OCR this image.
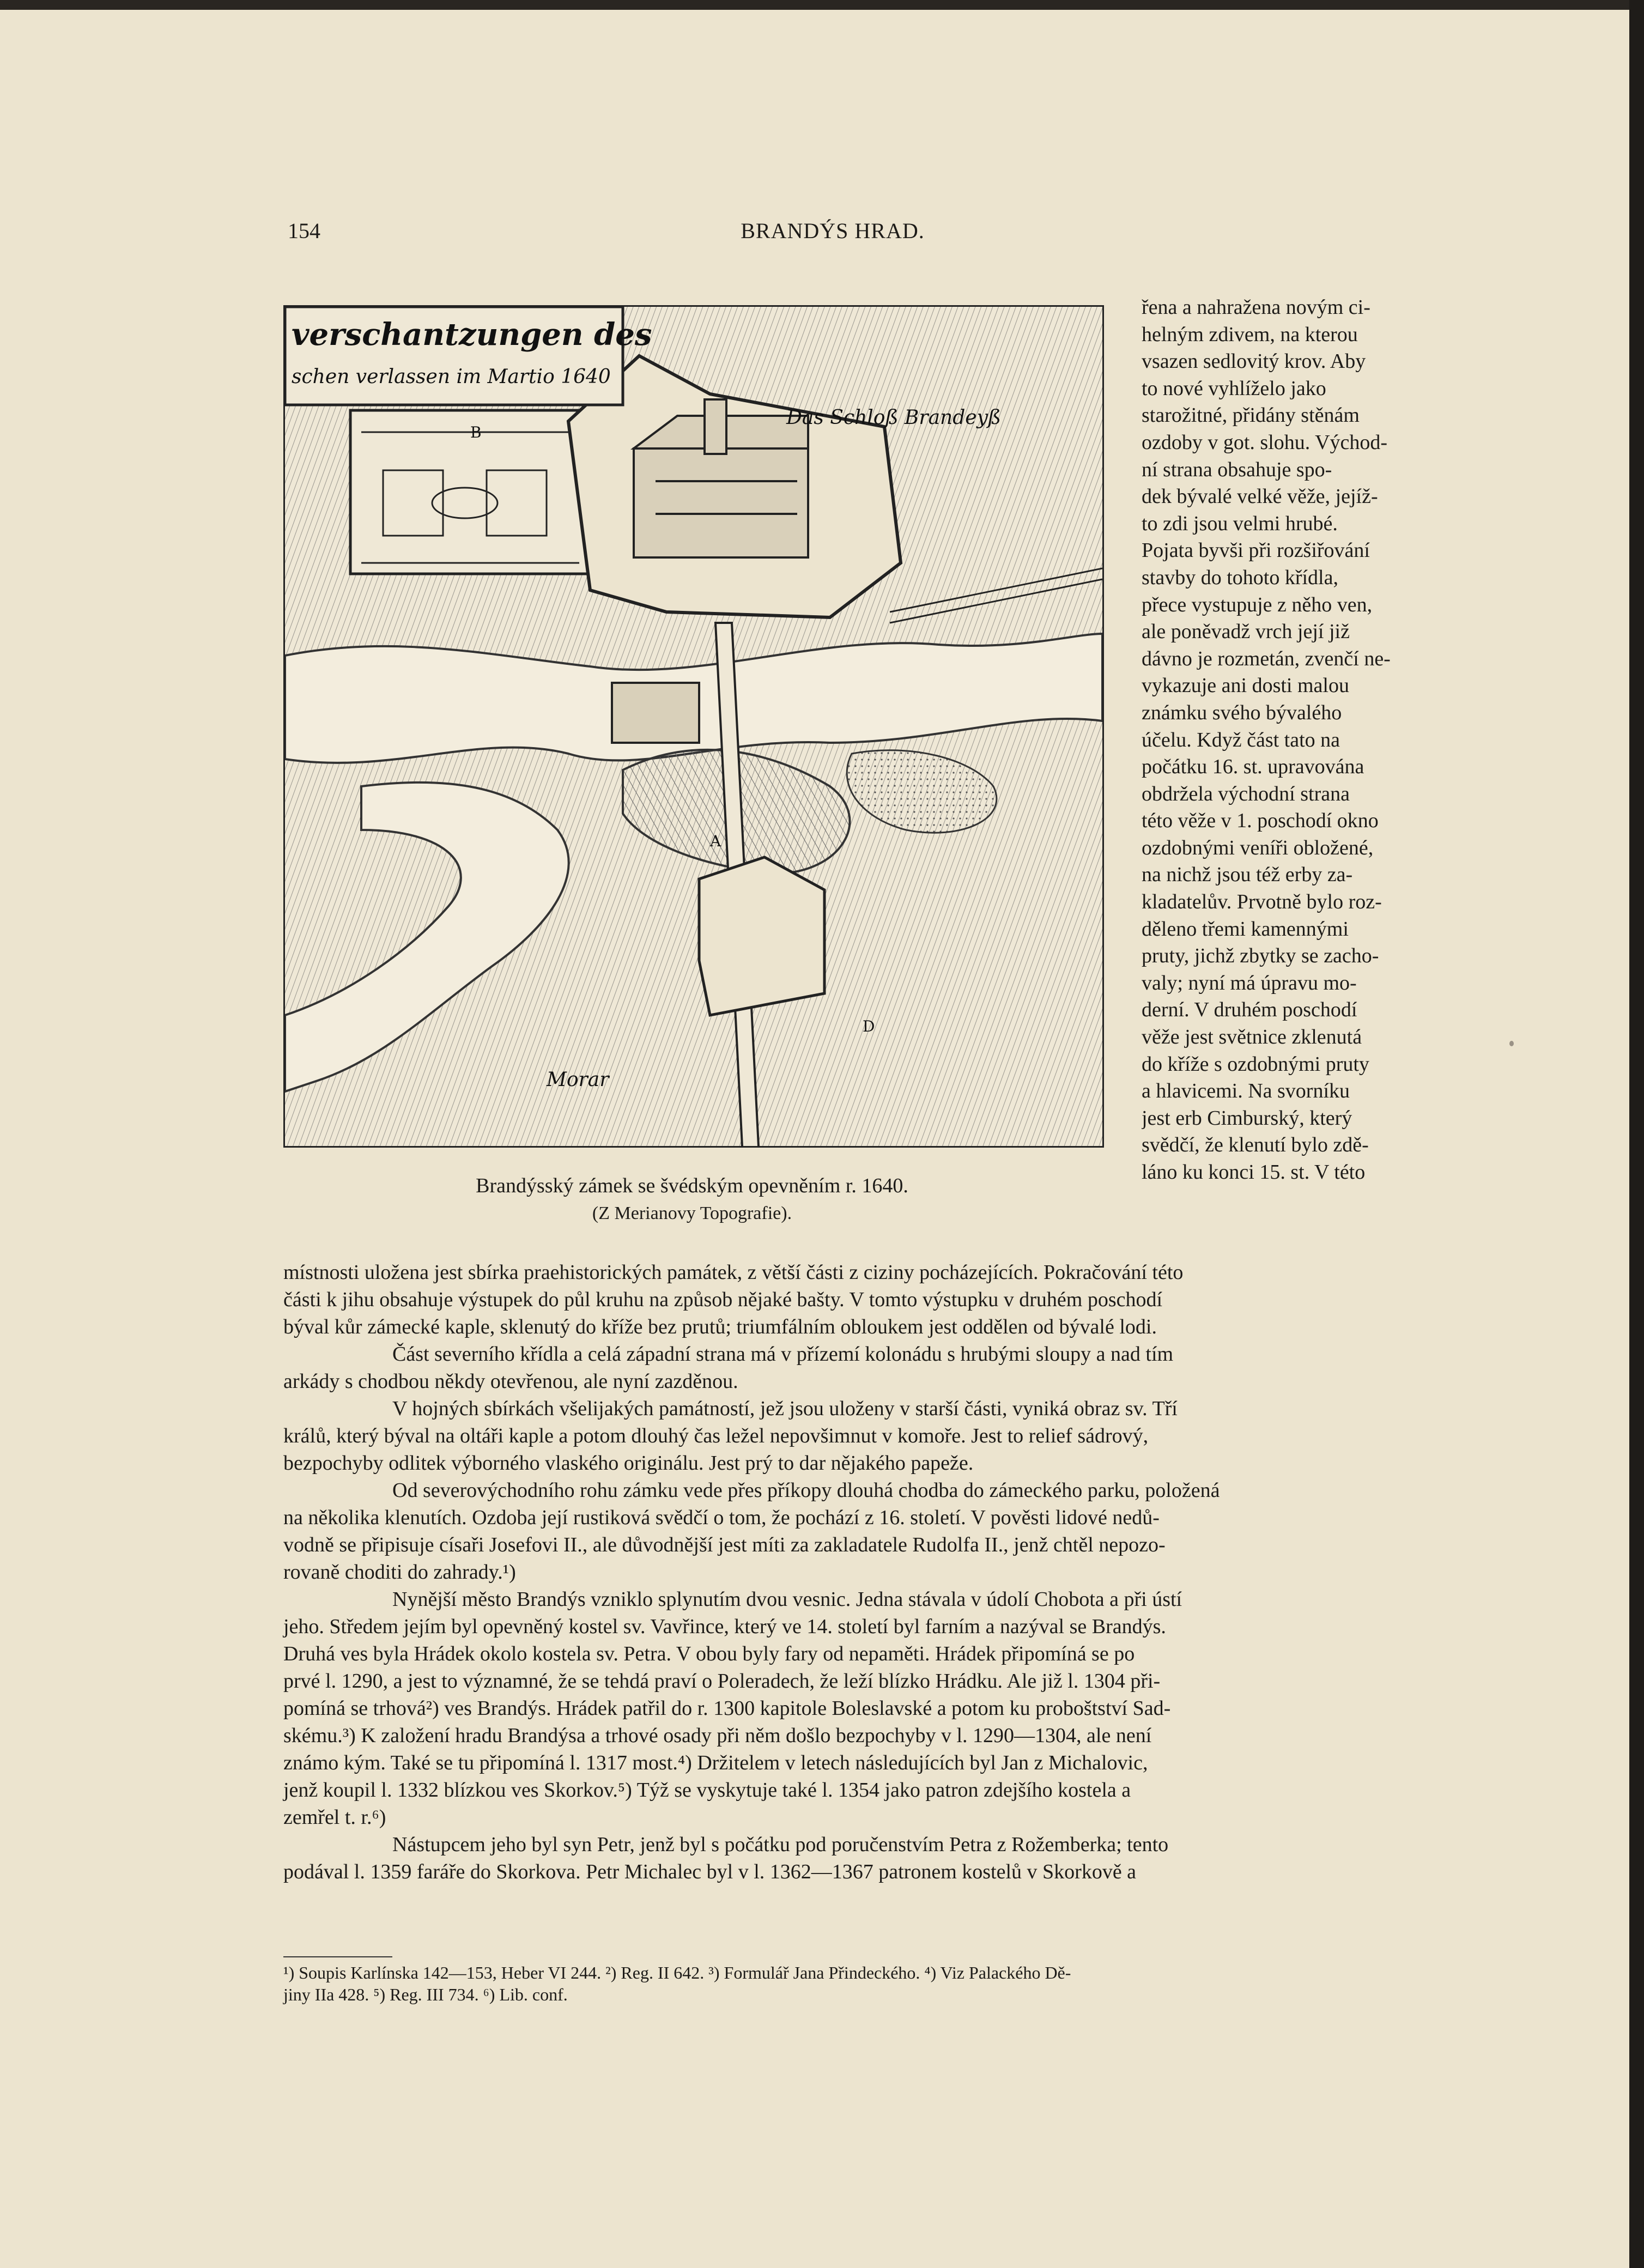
154	BRANDÝS HRAD.
verschantzungen des
schen verlassen im Martio 1640
Das Schloß Brandeyß
Morar
B
A
D
Brandýsský zámek se švédským opevněním r. 1640.
(Z Merianovy Topografie).
řena a nahražena novým ci-
helným zdivem, na kterou
vsazen sedlovitý krov. Aby
to nové vyhlíželo jako
starožitné, přidány stěnám
ozdoby v got. slohu. Východ-
ní strana obsahuje spo-
dek bývalé velké věže, jejíž-
to zdi jsou velmi hrubé.
Pojata byvši při rozšiřování
stavby do tohoto křídla,
přece vystupuje z něho ven,
ale poněvadž vrch její již
dávno je rozmetán, zvenčí ne-
vykazuje ani dosti malou
známku svého bývalého
účelu. Když část tato na
počátku 16. st. upravována
obdržela východní strana
této věže v 1. poschodí okno
ozdobnými veníři obložené,
na nichž jsou též erby za-
kladatelův. Prvotně bylo roz-
děleno třemi kamennými
pruty, jichž zbytky se zacho-
valy; nyní má úpravu mo-
derní. V druhém poschodí
věže jest světnice zklenutá
do kříže s ozdobnými pruty
a hlavicemi. Na svorníku
jest erb Cimburský, který
svědčí, že klenutí bylo zdě-
láno ku konci 15. st. V této
místnosti uložena jest sbírka praehistorických památek, z větší části z ciziny pocházejících. Pokračování této
části k jihu obsahuje výstupek do půl kruhu na způsob nějaké bašty. V tomto výstupku v druhém poschodí
býval kůr zámecké kaple, sklenutý do kříže bez prutů; triumfálním obloukem jest oddělen od bývalé lodi.
Část severního křídla a celá západní strana má v přízemí kolonádu s hrubými sloupy a nad tím
arkády s chodbou někdy otevřenou, ale nyní zazděnou.
V hojných sbírkách všelijakých památností, jež jsou uloženy v starší části, vyniká obraz sv. Tří
králů, který býval na oltáři kaple a potom dlouhý čas ležel nepovšimnut v komoře. Jest to relief sádrový,
bezpochyby odlitek výborného vlaského originálu. Jest prý to dar nějakého papeže.
Od severovýchodního rohu zámku vede přes příkopy dlouhá chodba do zámeckého parku, položená
na několika klenutích. Ozdoba její rustiková svědčí o tom, že pochází z 16. století. V pověsti lidové nedů-
vodně se připisuje císaři Josefovi II., ale důvodnější jest míti za zakladatele Rudolfa II., jenž chtěl nepozo-
rovaně choditi do zahrady.¹)
Nynější město Brandýs vzniklo splynutím dvou vesnic. Jedna stávala v údolí Chobota a při ústí
jeho. Středem jejím byl opevněný kostel sv. Vavřince, který ve 14. století byl farním a nazýval se Brandýs.
Druhá ves byla Hrádek okolo kostela sv. Petra. V obou byly fary od nepaměti. Hrádek připomíná se po
prvé l. 1290, a jest to významné, že se tehdá praví o Poleradech, že leží blízko Hrádku. Ale již l. 1304 při-
pomíná se trhová²) ves Brandýs. Hrádek patřil do r. 1300 kapitole Boleslavské a potom ku proboštství Sad-
skému.³) K založení hradu Brandýsa a trhové osady při něm došlo bezpochyby v l. 1290—1304, ale není
známo kým. Také se tu připomíná l. 1317 most.⁴) Držitelem v letech následujících byl Jan z Michalovic,
jenž koupil l. 1332 blízkou ves Skorkov.⁵) Týž se vyskytuje také l. 1354 jako patron zdejšího kostela a
zemřel t. r.⁶)
Nástupcem jeho byl syn Petr, jenž byl s počátku pod poručenstvím Petra z Rožemberka; tento
podával l. 1359 faráře do Skorkova. Petr Michalec byl v l. 1362—1367 patronem kostelů v Skorkově a
¹) Soupis Karlínska 142—153, Heber VI 244. ²) Reg. II 642. ³) Formulář Jana Přindeckého. ⁴) Viz Palackého Dě-
jiny IIa 428. ⁵) Reg. III 734. ⁶) Lib. conf.
